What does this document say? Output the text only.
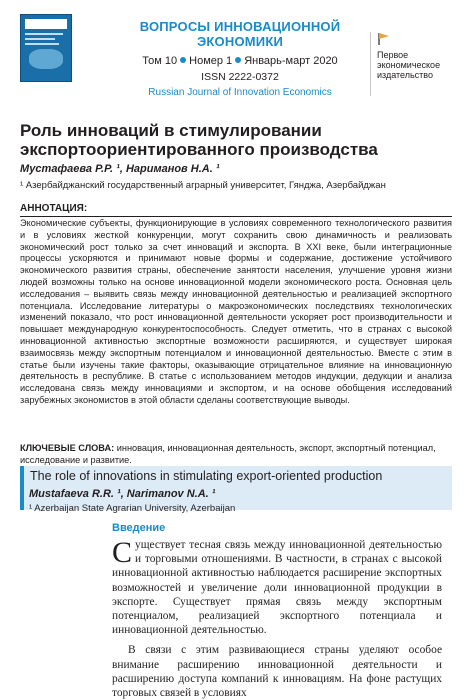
ВОПРОСЫ ИННОВАЦИОННОЙ ЭКОНОМИКИ
Том 10 Номер 1 Январь-март 2020
ISSN 2222-0372
Russian Journal of Innovation Economics
Первое экономическое издательство
Роль инноваций в стимулировании экспортоориентированного производства
Мустафаева Р.Р. ¹, Нариманов Н.А. ¹
¹ Азербайджанский государственный аграрный университет, Гянджа, Азербайджан
АННОТАЦИЯ:
Экономические субъекты, функционирующие в условиях современного технологического развития и в условиях жесткой конкуренции, могут сохранить свою динамичность и реализовать экономический рост только за счет инноваций и экспорта. В XXI веке, были интеграционные процессы ускоряются и принимают новые формы и содержание, достижение устойчивого экономического развития страны, обеспечение занятости населения, улучшение уровня жизни людей возможны только на основе инновационной модели экономического роста. Основная цель исследования – выявить связь между инновационной деятельностью и реализацией экспортного потенциала. Исследование литературы о макроэкономических последствиях технологических изменений показало, что рост инновационной деятельности ускоряет рост производительности и повышает международную конкурентоспособность. Следует отметить, что в странах с высокой инновационной активностью экспортные возможности расширяются, и существует широкая взаимосвязь между экспортным потенциалом и инновационной деятельностью. Вместе с этим в статье были изучены такие факторы, оказывающие отрицательное влияние на инновационную деятельность в республике. В статье с использованием методов индукции, дедукции и анализа исследована связь между инновациями и экспортом, и на основе обобщения исследований зарубежных экономистов в этой области сделаны соответствующие выводы.
КЛЮЧЕВЫЕ СЛОВА: инновация, инновационная деятельность, экспорт, экспортный потенциал, исследование и развитие.
The role of innovations in stimulating export-oriented production
Mustafaeva R.R. ¹, Narimanov N.A. ¹
¹ Azerbaijan State Agrarian University, Azerbaijan
Введение

Существует тесная связь между инновационной деятельностью и торговыми отношениями. В частности, в странах с высокой инновационной активностью наблюдается расширение экспортных возможностей и увеличение доли инновационной продукции в экспорте. Существует прямая связь между экспортным потенциалом, реализацией экспортного потенциала и инновационной деятельностью.

В связи с этим развивающиеся страны уделяют особое внимание расширению инновационной деятельности и расширению доступа компаний к инновациям. На фоне растущих торговых связей в условиях
